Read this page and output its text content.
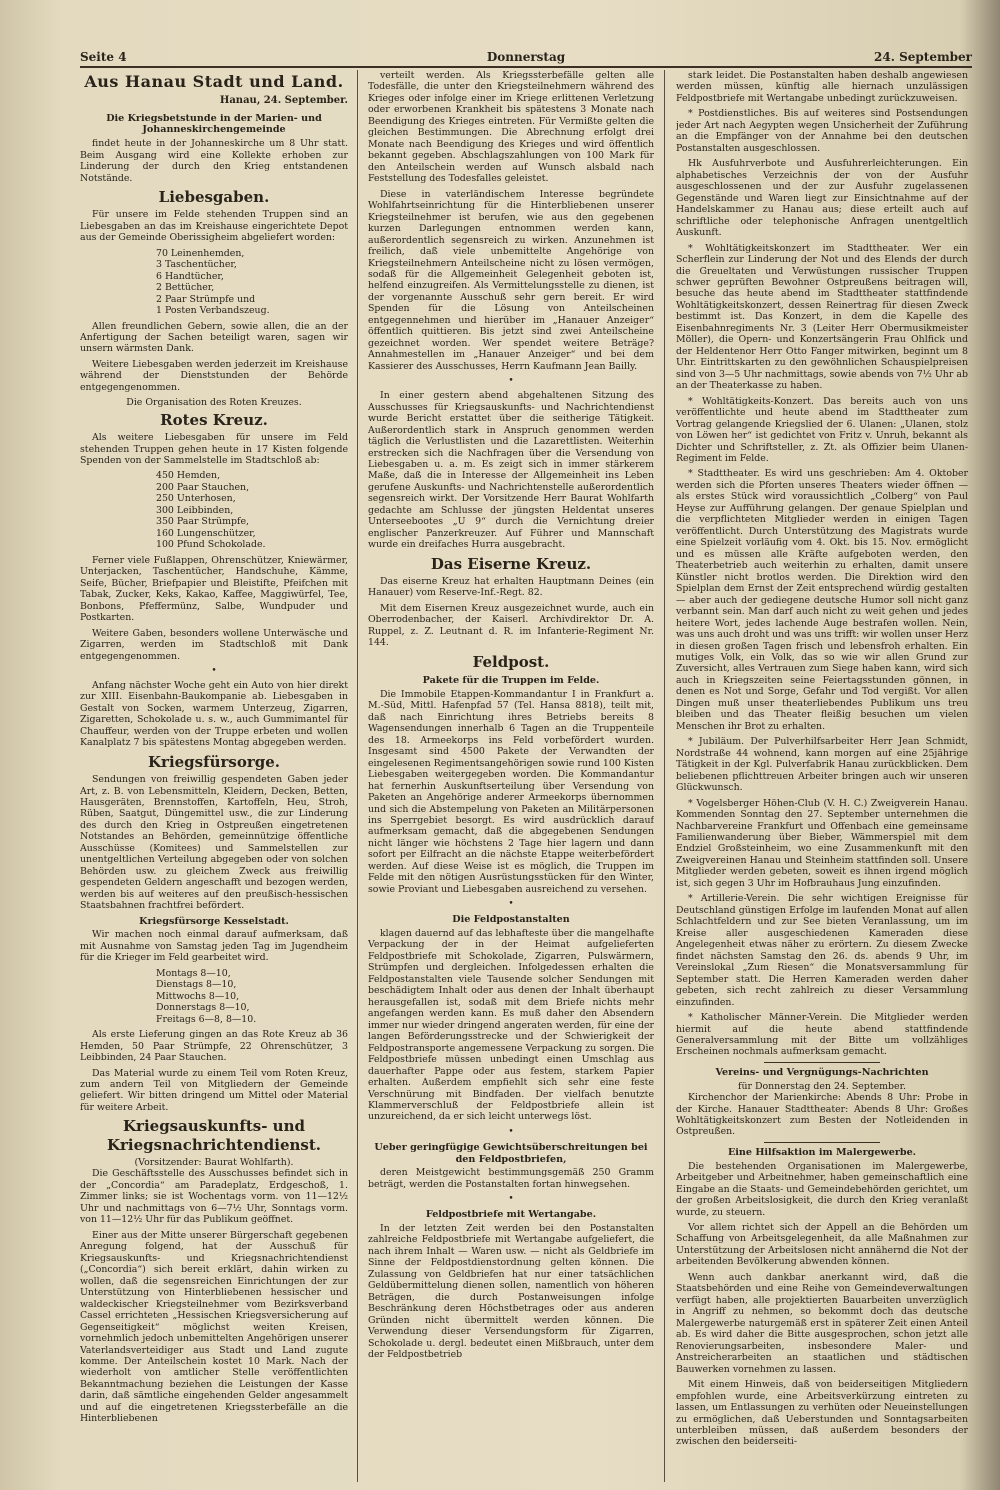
Seite 4	Donnerstag	24. September
Aus Hanau Stadt und Land.
Hanau, 24. September.
Die Kriegsbetstunde in der Marien- und Johanneskirchengemeinde

findet heute in der Johanneskirche um 8 Uhr statt. Beim Ausgang wird eine Kollekte erhoben zur Linderung der durch den Krieg entstandenen Notstände.

Liebesgaben.

Für unsere im Felde stehenden Truppen sind an Liebesgaben an das im Kreishause eingerichtete Depot aus der Gemeinde Oberissigheim abgeliefert worden:

70 Leinenhemden,
3 Taschentücher,
6 Handtücher,
2 Bettücher,
2 Paar Strümpfe und
1 Posten Verbandszeug.

Allen freundlichen Gebern, sowie allen, die an der Anfertigung der Sachen beteiligt waren, sagen wir unsern wärmsten Dank.

Weitere Liebesgaben werden jederzeit im Kreishause während der Dienststunden der Behörde entgegengenommen.

Die Organisation des Roten Kreuzes.
Rotes Kreuz.

Als weitere Liebesgaben für unsere im Feld stehenden Truppen gehen heute in 17 Kisten folgende Spenden von der Sammelstelle im Stadtschloß ab:

450 Hemden,
200 Paar Stauchen,
250 Unterhosen,
300 Leibbinden,
350 Paar Strümpfe,
160 Lungenschützer,
100 Pfund Schokolade.

Ferner viele Fußlappen, Ohrenschützer, Kniewärmer, Unterjacken, Taschentücher, Handschuhe, Kämme, Seife, Bücher, Briefpapier und Bleistifte, Pfeifchen mit Tabak, Zucker, Keks, Kakao, Kaffee, Maggiwürfel, Tee, Bonbons, Pfeffermünz, Salbe, Wundpuder und Postkarten.

Weitere Gaben, besonders wollene Unterwäsche und Zigarren, werden im Stadtschloß mit Dank entgegengenommen.

•

Anfang nächster Woche geht ein Auto von hier direkt zur XIII. Eisenbahn-Baukompanie ab. Liebesgaben in Gestalt von Socken, warmem Unterzeug, Zigarren, Zigaretten, Schokolade u. s. w., auch Gummimantel für Chauffeur, werden von der Truppe erbeten und wollen Kanalplatz 7 bis spätestens Montag abgegeben werden.

Kriegsfürsorge.

Sendungen von freiwillig gespendeten Gaben jeder Art, z. B. von Lebensmitteln, Kleidern, Decken, Betten, Hausgeräten, Brennstoffen, Kartoffeln, Heu, Stroh, Rüben, Saatgut, Düngemittel usw., die zur Linderung des durch den Krieg in Ostpreußen eingetretenen Notstandes an Behörden, gemeinnützige öffentliche Ausschüsse (Komitees) und Sammelstellen zur unentgeltlichen Verteilung abgegeben oder von solchen Behörden usw. zu gleichem Zweck aus freiwillig gespendeten Geldern angeschafft und bezogen werden, werden bis auf weiteres auf den preußisch-hessischen Staatsbahnen frachtfrei befördert.

Kriegsfürsorge Kesselstadt.

Wir machen noch einmal darauf aufmerksam, daß mit Ausnahme von Samstag jeden Tag im Jugendheim für die Krieger im Feld gearbeitet wird.

Montags 8—10,
Dienstags 8—10,
Mittwochs 8—10,
Donnerstags 8—10,
Freitags 6—8, 8—10.

Als erste Lieferung gingen an das Rote Kreuz ab 36 Hemden, 50 Paar Strümpfe, 22 Ohrenschützer, 3 Leibbinden, 24 Paar Stauchen.

Das Material wurde zu einem Teil vom Roten Kreuz, zum andern Teil von Mitgliedern der Gemeinde geliefert. Wir bitten dringend um Mittel oder Material für weitere Arbeit.

Kriegsauskunfts- und Kriegsnachrichtendienst.
(Vorsitzender: Baurat Wohlfarth).

Die Geschäftsstelle des Ausschusses befindet sich in der „Concordia“ am Paradeplatz, Erdgeschoß, 1. Zimmer links; sie ist Wochentags vorm. von 11—12½ Uhr und nachmittags von 6—7½ Uhr, Sonntags vorm. von 11—12½ Uhr für das Publikum geöffnet.

Einer aus der Mitte unserer Bürgerschaft gegebenen Anregung folgend, hat der Ausschuß für Kriegsauskunfts- und Kriegsnachrichtendienst („Concordia“) sich bereit erklärt, dahin wirken zu wollen, daß die segensreichen Einrichtungen der zur Unterstützung von Hinterbliebenen hessischer und waldeckischer Kriegsteilnehmer vom Bezirksverband Cassel errichteten „Hessischen Kriegsversicherung auf Gegenseitigkeit“ möglichst weiten Kreisen, vornehmlich jedoch unbemittelten Angehörigen unserer Vaterlandsverteidiger aus Stadt und Land zugute komme. Der Anteilschein kostet 10 Mark. Nach der wiederholt von amtlicher Stelle veröffentlichten Bekanntmachung beziehen die Leistungen der Kasse darin, daß sämtliche eingehenden Gelder angesammelt und auf die eingetretenen Kriegssterbefälle an die Hinterbliebenen

verteilt werden. Als Kriegssterbefälle gelten alle Todesfälle, die unter den Kriegsteilnehmern während des Krieges oder infolge einer im Kriege erlittenen Verletzung oder erworbenen Krankheit bis spätestens 3 Monate nach Beendigung des Krieges eintreten. Für Vermißte gelten die gleichen Bestimmungen. Die Abrechnung erfolgt drei Monate nach Beendigung des Krieges und wird öffentlich bekannt gegeben. Abschlagszahlungen von 100 Mark für den Anteilschein werden auf Wunsch alsbald nach Feststellung des Todesfalles geleistet.

Diese in vaterländischem Interesse begründete Wohlfahrtseinrichtung für die Hinterbliebenen unserer Kriegsteilnehmer ist berufen, wie aus den gegebenen kurzen Darlegungen entnommen werden kann, außerordentlich segensreich zu wirken. Anzunehmen ist freilich, daß viele unbemittelte Angehörige von Kriegsteilnehmern Anteilscheine nicht zu lösen vermögen, sodaß für die Allgemeinheit Gelegenheit geboten ist, helfend einzugreifen. Als Vermittelungsstelle zu dienen, ist der vorgenannte Ausschuß sehr gern bereit. Er wird Spenden für die Lösung von Anteilscheinen entgegennehmen und hierüber im „Hanauer Anzeiger“ öffentlich quittieren. Bis jetzt sind zwei Anteilscheine gezeichnet worden. Wer spendet weitere Beträge? Annahmestellen im „Hanauer Anzeiger“ und bei dem Kassierer des Ausschusses, Herrn Kaufmann Jean Bailly.

•

In einer gestern abend abgehaltenen Sitzung des Ausschusses für Kriegsauskunfts- und Nachrichtendienst wurde Bericht erstattet über die seitherige Tätigkeit. Außerordentlich stark in Anspruch genommen werden täglich die Verlustlisten und die Lazarettlisten. Weiterhin erstrecken sich die Nachfragen über die Versendung von Liebesgaben u. a. m. Es zeigt sich in immer stärkerem Maße, daß die in Interesse der Allgemeinheit ins Leben gerufene Auskunfts- und Nachrichtenstelle außerordentlich segensreich wirkt. Der Vorsitzende Herr Baurat Wohlfarth gedachte am Schlusse der jüngsten Heldentat unseres Unterseebootes „U 9“ durch die Vernichtung dreier englischer Panzerkreuzer. Auf Führer und Mannschaft wurde ein dreifaches Hurra ausgebracht.

Das Eiserne Kreuz.

Das eiserne Kreuz hat erhalten Hauptmann Deines (ein Hanauer) vom Reserve-Inf.-Regt. 82.

Mit dem Eisernen Kreuz ausgezeichnet wurde, auch ein Oberrodenbacher, der Kaiserl. Archivdirektor Dr. A. Ruppel, z. Z. Leutnant d. R. im Infanterie-Regiment Nr. 144.

Feldpost.
Pakete für die Truppen im Felde.

Die Immobile Etappen-Kommandantur I in Frankfurt a. M.-Süd, Mittl. Hafenpfad 57 (Tel. Hansa 8818), teilt mit, daß nach Einrichtung ihres Betriebs bereits 8 Wagensendungen innerhalb 6 Tagen an die Truppenteile des 18. Armeekorps ins Feld vorbefördert wurden. Insgesamt sind 4500 Pakete der Verwandten der eingelesenen Regimentsangehörigen sowie rund 100 Kisten Liebesgaben weitergegeben worden. Die Kommandantur hat fernerhin Auskunftserteilung über Versendung von Paketen an Angehörige anderer Armeekorps übernommen und sich die Abstempelung von Paketen an Militärpersonen ins Sperrgebiet besorgt. Es wird ausdrücklich darauf aufmerksam gemacht, daß die abgegebenen Sendungen nicht länger wie höchstens 2 Tage hier lagern und dann sofort per Eilfracht an die nächste Etappe weiterbefördert werden. Auf diese Weise ist es möglich, die Truppen im Felde mit den nötigen Ausrüstungsstücken für den Winter, sowie Proviant und Liebesgaben ausreichend zu versehen.

•
Die Feldpostanstalten

klagen dauernd auf das lebhafteste über die mangelhafte Verpackung der in der Heimat aufgelieferten Feldpostbriefe mit Schokolade, Zigarren, Pulswärmern, Strümpfen und dergleichen. Infolgedessen erhalten die Feldpostanstalten viele Tausende solcher Sendungen mit beschädigtem Inhalt oder aus denen der Inhalt überhaupt herausgefallen ist, sodaß mit dem Briefe nichts mehr angefangen werden kann. Es muß daher den Absendern immer nur wieder dringend angeraten werden, für eine der langen Beförderungsstrecke und der Schwierigkeit der Feldpostransporte angemessene Verpackung zu sorgen. Die Feldpostbriefe müssen unbedingt einen Umschlag aus dauerhafter Pappe oder aus festem, starkem Papier erhalten. Außerdem empfiehlt sich sehr eine feste Verschnürung mit Bindfaden. Der vielfach benutzte Klammerverschluß der Feldpostbriefe allein ist unzureichend, da er sich leicht unterwegs löst.

•
Ueber geringfügige Gewichtsüberschreitungen bei den Feldpostbriefen,

deren Meistgewicht bestimmungsgemäß 250 Gramm beträgt, werden die Postanstalten fortan hinwegsehen.

•
Feldpostbriefe mit Wertangabe.

In der letzten Zeit werden bei den Postanstalten zahlreiche Feldpostbriefe mit Wertangabe aufgeliefert, die nach ihrem Inhalt — Waren usw. — nicht als Geldbriefe im Sinne der Feldpostdienstordnung gelten können. Die Zulassung von Geldbriefen hat nur einer tatsächlichen Geldübermittelung dienen sollen, namentlich von höheren Beträgen, die durch Postanweisungen infolge Beschränkung deren Höchstbetrages oder aus anderen Gründen nicht übermittelt werden können. Die Verwendung dieser Versendungsform für Zigarren, Schokolade u. dergl. bedeutet einen Mißbrauch, unter dem der Feldpostbetrieb

stark leidet. Die Postanstalten haben deshalb angewiesen werden müssen, künftig alle hiernach unzulässigen Feldpostbriefe mit Wertangabe unbedingt zurückzuweisen.

* Postdienstliches. Bis auf weiteres sind Postsendungen jeder Art nach Aegypten wegen Unsicherheit der Zuführung an die Empfänger von der Annahme bei den deutschen Postanstalten ausgeschlossen.

Hk Ausfuhrverbote und Ausfuhrerleichterungen. Ein alphabetisches Verzeichnis der von der Ausfuhr ausgeschlossenen und der zur Ausfuhr zugelassenen Gegenstände und Waren liegt zur Einsichtnahme auf der Handelskammer zu Hanau aus; diese erteilt auch auf schriftliche oder telephonische Anfragen unentgeltlich Auskunft.

* Wohltätigkeitskonzert im Stadttheater. Wer ein Scherflein zur Linderung der Not und des Elends der durch die Greueltaten und Verwüstungen russischer Truppen schwer geprüften Bewohner Ostpreußens beitragen will, besuche das heute abend im Stadttheater stattfindende Wohltätigkeitskonzert, dessen Reinertrag für diesen Zweck bestimmt ist. Das Konzert, in dem die Kapelle des Eisenbahnregiments Nr. 3 (Leiter Herr Obermusikmeister Möller), die Opern- und Konzertsängerin Frau Ohlfick und der Heldentenor Herr Otto Fanger mitwirken, beginnt um 8 Uhr. Eintrittskarten zu den gewöhnlichen Schauspielpreisen sind von 3—5 Uhr nachmittags, sowie abends von 7½ Uhr ab an der Theaterkasse zu haben.

* Wohltätigkeits-Konzert. Das bereits auch von uns veröffentlichte und heute abend im Stadttheater zum Vortrag gelangende Kriegslied der 6. Ulanen: „Ulanen, stolz von Löwen her“ ist gedichtet von Fritz v. Unruh, bekannt als Dichter und Schriftsteller, z. Zt. als Offizier beim Ulanen-Regiment im Felde.

* Stadttheater. Es wird uns geschrieben: Am 4. Oktober werden sich die Pforten unseres Theaters wieder öffnen — als erstes Stück wird voraussichtlich „Colberg“ von Paul Heyse zur Aufführung gelangen. Der genaue Spielplan und die verpflichteten Mitglieder werden in einigen Tagen veröffentlicht. Durch Unterstützung des Magistrats wurde eine Spielzeit vorläufig vom 4. Okt. bis 15. Nov. ermöglicht und es müssen alle Kräfte aufgeboten werden, den Theaterbetrieb auch weiterhin zu erhalten, damit unsere Künstler nicht brotlos werden. Die Direktion wird den Spielplan dem Ernst der Zeit entsprechend würdig gestalten — aber auch der gediegene deutsche Humor soll nicht ganz verbannt sein. Man darf auch nicht zu weit gehen und jedes heitere Wort, jedes lachende Auge bestrafen wollen. Nein, was uns auch droht und was uns trifft: wir wollen unser Herz in diesen großen Tagen frisch und lebensfroh erhalten. Ein mutiges Volk, ein Volk, das so wie wir allen Grund zur Zuversicht, alles Vertrauen zum Siege haben kann, wird sich auch in Kriegszeiten seine Feiertagsstunden gönnen, in denen es Not und Sorge, Gefahr und Tod vergißt. Vor allen Dingen muß unser theaterliebendes Publikum uns treu bleiben und das Theater fleißig besuchen um vielen Menschen ihr Brot zu erhalten.

* Jubiläum. Der Pulverhilfsarbeiter Herr Jean Schmidt, Nordstraße 44 wohnend, kann morgen auf eine 25jährige Tätigkeit in der Kgl. Pulverfabrik Hanau zurückblicken. Dem beliebenen pflichttreuen Arbeiter bringen auch wir unseren Glückwunsch.

* Vogelsberger Höhen-Club (V. H. C.) Zweigverein Hanau. Kommenden Sonntag den 27. September unternehmen die Nachbarvereine Frankfurt und Offenbach eine gemeinsame Familienwanderung über Bieber, Wämmerspiel mit dem Endziel Großsteinheim, wo eine Zusammenkunft mit den Zweigvereinen Hanau und Steinheim stattfinden soll. Unsere Mitglieder werden gebeten, soweit es ihnen irgend möglich ist, sich gegen 3 Uhr im Hofbrauhaus Jung einzufinden.

* Artillerie-Verein. Die sehr wichtigen Ereignisse für Deutschland günstigen Erfolge im laufenden Monat auf allen Schlachtfeldern und zur See bieten Veranlassung, um im Kreise aller ausgeschiedenen Kameraden diese Angelegenheit etwas näher zu erörtern. Zu diesem Zwecke findet nächsten Samstag den 26. ds. abends 9 Uhr, im Vereinslokal „Zum Riesen“ die Monatsversammlung für September statt. Die Herren Kameraden werden daher gebeten, sich recht zahlreich zu dieser Versammlung einzufinden.

* Katholischer Männer-Verein. Die Mitglieder werden hiermit auf die heute abend stattfindende Generalversammlung mit der Bitte um vollzähliges Erscheinen nochmals aufmerksam gemacht.

Vereins- und Vergnügungs-Nachrichten
für Donnerstag den 24. September.

Kirchenchor der Marienkirche: Abends 8 Uhr: Probe in der Kirche. Hanauer Stadttheater: Abends 8 Uhr: Großes Wohltätigkeitskonzert zum Besten der Notleidenden in Ostpreußen.

Eine Hilfsaktion im Malergewerbe.

Die bestehenden Organisationen im Malergewerbe, Arbeitgeber und Arbeitnehmer, haben gemeinschaftlich eine Eingabe an die Staats- und Gemeindebehörden gerichtet, um der großen Arbeitslosigkeit, die durch den Krieg veranlaßt wurde, zu steuern.

Vor allem richtet sich der Appell an die Behörden um Schaffung von Arbeitsgelegenheit, da alle Maßnahmen zur Unterstützung der Arbeitslosen nicht annähernd die Not der arbeitenden Bevölkerung abwenden können.

Wenn auch dankbar anerkannt wird, daß die Staatsbehörden und eine Reihe von Gemeindeverwaltungen verfügt haben, alle projektierten Bauarbeiten unverzüglich in Angriff zu nehmen, so bekommt doch das deutsche Malergewerbe naturgemäß erst in späterer Zeit einen Anteil ab. Es wird daher die Bitte ausgesprochen, schon jetzt alle Renovierungsarbeiten, insbesondere Maler- und Anstreicherarbeiten an staatlichen und städtischen Bauwerken vornehmen zu lassen.

Mit einem Hinweis, daß von beiderseitigen Mitgliedern empfohlen wurde, eine Arbeitsverkürzung eintreten zu lassen, um Entlassungen zu verhüten oder Neueinstellungen zu ermöglichen, daß Ueberstunden und Sonntagsarbeiten unterbleiben müssen, daß außerdem besonders der zwischen den beiderseiti-
